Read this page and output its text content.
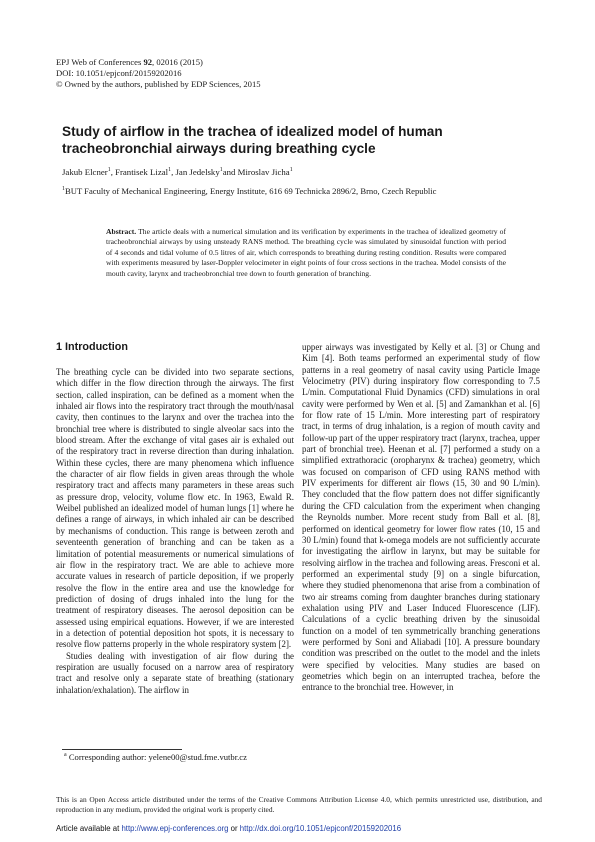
EPJ Web of Conferences 92, 02016 (2015)
DOI: 10.1051/epjconf/20159202016
© Owned by the authors, published by EDP Sciences, 2015
Study of airflow in the trachea of idealized model of human tracheobronchial airways during breathing cycle
Jakub Elcner$^1$, Frantisek Lizal$^1$, Jan Jedelsky$^1$and Miroslav Jicha$^1$
$^1$BUT Faculty of Mechanical Engineering, Energy Institute, 616 69 Technicka 2896/2, Brno, Czech Republic
Abstract. The article deals with a numerical simulation and its verification by experiments in the trachea of idealized geometry of tracheobronchial airways by using unsteady RANS method. The breathing cycle was simulated by sinusoidal function with period of 4 seconds and tidal volume of 0.5 litres of air, which corresponds to breathing during resting condition. Results were compared with experiments measured by laser-Doppler velocimeter in eight points of four cross sections in the trachea. Model consists of the mouth cavity, larynx and tracheobronchial tree down to fourth generation of branching.
1 Introduction

The breathing cycle can be divided into two separate sections, which differ in the flow direction through the airways. The first section, called inspiration, can be defined as a moment when the inhaled air flows into the respiratory tract through the mouth/nasal cavity, then continues to the larynx and over the trachea into the bronchial tree where is distributed to single alveolar sacs into the blood stream. After the exchange of vital gases air is exhaled out of the respiratory tract in reverse direction than during inhalation. Within these cycles, there are many phenomena which influence the character of air flow fields in given areas through the whole respiratory tract and affects many parameters in these areas such as pressure drop, velocity, volume flow etc. In 1963, Ewald R. Weibel published an idealized model of human lungs [1] where he defines a range of airways, in which inhaled air can be described by mechanisms of conduction. This range is between zeroth and seventeenth generation of branching and can be taken as a limitation of potential measurements or numerical simulations of air flow in the respiratory tract. We are able to achieve more accurate values in research of particle deposition, if we properly resolve the flow in the entire area and use the knowledge for prediction of dosing of drugs inhaled into the lung for the treatment of respiratory diseases. The aerosol deposition can be assessed using empirical equations. However, if we are interested in a detection of potential deposition hot spots, it is necessary to resolve flow patterns properly in the whole respiratory system [2].

Studies dealing with investigation of air flow during the respiration are usually focused on a narrow area of respiratory tract and resolve only a separate state of breathing (stationary inhalation/exhalation). The airflow in

upper airways was investigated by Kelly et al. [3] or Chung and Kim [4]. Both teams performed an experimental study of flow patterns in a real geometry of nasal cavity using Particle Image Velocimetry (PIV) during inspiratory flow corresponding to 7.5 L/min. Computational Fluid Dynamics (CFD) simulations in oral cavity were performed by Wen et al. [5] and Zamankhan et al. [6] for flow rate of 15 L/min. More interesting part of respiratory tract, in terms of drug inhalation, is a region of mouth cavity and follow-up part of the upper respiratory tract (larynx, trachea, upper part of bronchial tree). Heenan et al. [7] performed a study on a simplified extrathoracic (oropharynx & trachea) geometry, which was focused on comparison of CFD using RANS method with PIV experiments for different air flows (15, 30 and 90 L/min). They concluded that the flow pattern does not differ significantly during the CFD calculation from the experiment when changing the Reynolds number. More recent study from Ball et al. [8], performed on identical geometry for lower flow rates (10, 15 and 30 L/min) found that k-omega models are not sufficiently accurate for investigating the airflow in larynx, but may be suitable for resolving airflow in the trachea and following areas. Fresconi et al. performed an experimental study [9] on a single bifurcation, where they studied phenomenona that arise from a combination of two air streams coming from daughter branches during stationary exhalation using PIV and Laser Induced Fluorescence (LIF). Calculations of a cyclic breathing driven by the sinusoidal function on a model of ten symmetrically branching generations were performed by Soni and Aliabadi [10]. A pressure boundary condition was prescribed on the outlet to the model and the inlets were specified by velocities. Many studies are based on geometries which begin on an interrupted trachea, before the entrance to the bronchial tree. However, in

$^a$ Corresponding author: yelene00@stud.fme.vutbr.cz
This is an Open Access article distributed under the terms of the Creative Commons Attribution License 4.0, which permits unrestricted use, distribution, and reproduction in any medium, provided the original work is properly cited.
Article available at http://www.epj-conferences.org or http://dx.doi.org/10.1051/epjconf/20159202016
